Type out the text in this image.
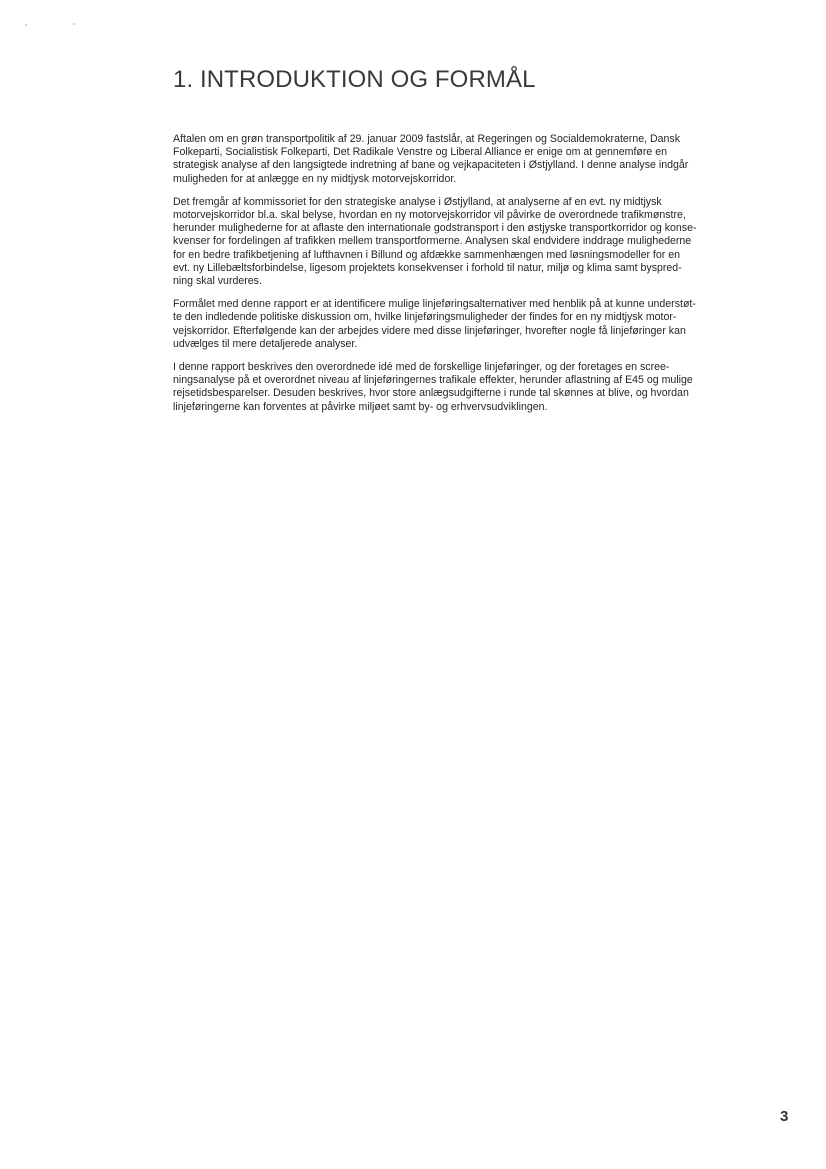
1. INTRODUKTION OG FORMÅL

Aftalen om en grøn transportpolitik af 29. januar 2009 fastslår, at Regeringen og Socialdemokraterne, Dansk
Folkeparti, Socialistisk Folkeparti, Det Radikale Venstre og Liberal Alliance er enige om at gennemføre en
strategisk analyse af den langsigtede indretning af bane og vejkapaciteten i Østjylland. I denne analyse indgår
muligheden for at anlægge en ny midtjysk motorvejskorridor.

Det fremgår af kommissoriet for den strategiske analyse i Østjylland, at analyserne af en evt. ny midtjysk
motorvejskorridor bl.a. skal belyse, hvordan en ny motorvejskorridor vil påvirke de overordnede trafikmønstre,
herunder mulighederne for at aflaste den internationale godstransport i den østjyske transportkorridor og konse-
kvenser for fordelingen af trafikken mellem transportformerne. Analysen skal endvidere inddrage mulighederne
for en bedre trafikbetjening af lufthavnen i Billund og afdække sammenhængen med løsningsmodeller for en
evt. ny Lillebæltsforbindelse, ligesom projektets konsekvenser i forhold til natur, miljø og klima samt byspred-
ning skal vurderes.

Formålet med denne rapport er at identificere mulige linjeføringsalternativer med henblik på at kunne understøt-
te den indledende politiske diskussion om, hvilke linjeføringsmuligheder der findes for en ny midtjysk motor-
vejskorridor. Efterfølgende kan der arbejdes videre med disse linjeføringer, hvorefter nogle få linjeføringer kan
udvælges til mere detaljerede analyser.

I denne rapport beskrives den overordnede idé med de forskellige linjeføringer, og der foretages en scree-
ningsanalyse på et overordnet niveau af linjeføringernes trafikale effekter, herunder aflastning af E45 og mulige
rejsetidsbesparelser. Desuden beskrives, hvor store anlægsudgifterne i runde tal skønnes at blive, og hvordan
linjeføringerne kan forventes at påvirke miljøet samt by- og erhvervsudviklingen.

3
